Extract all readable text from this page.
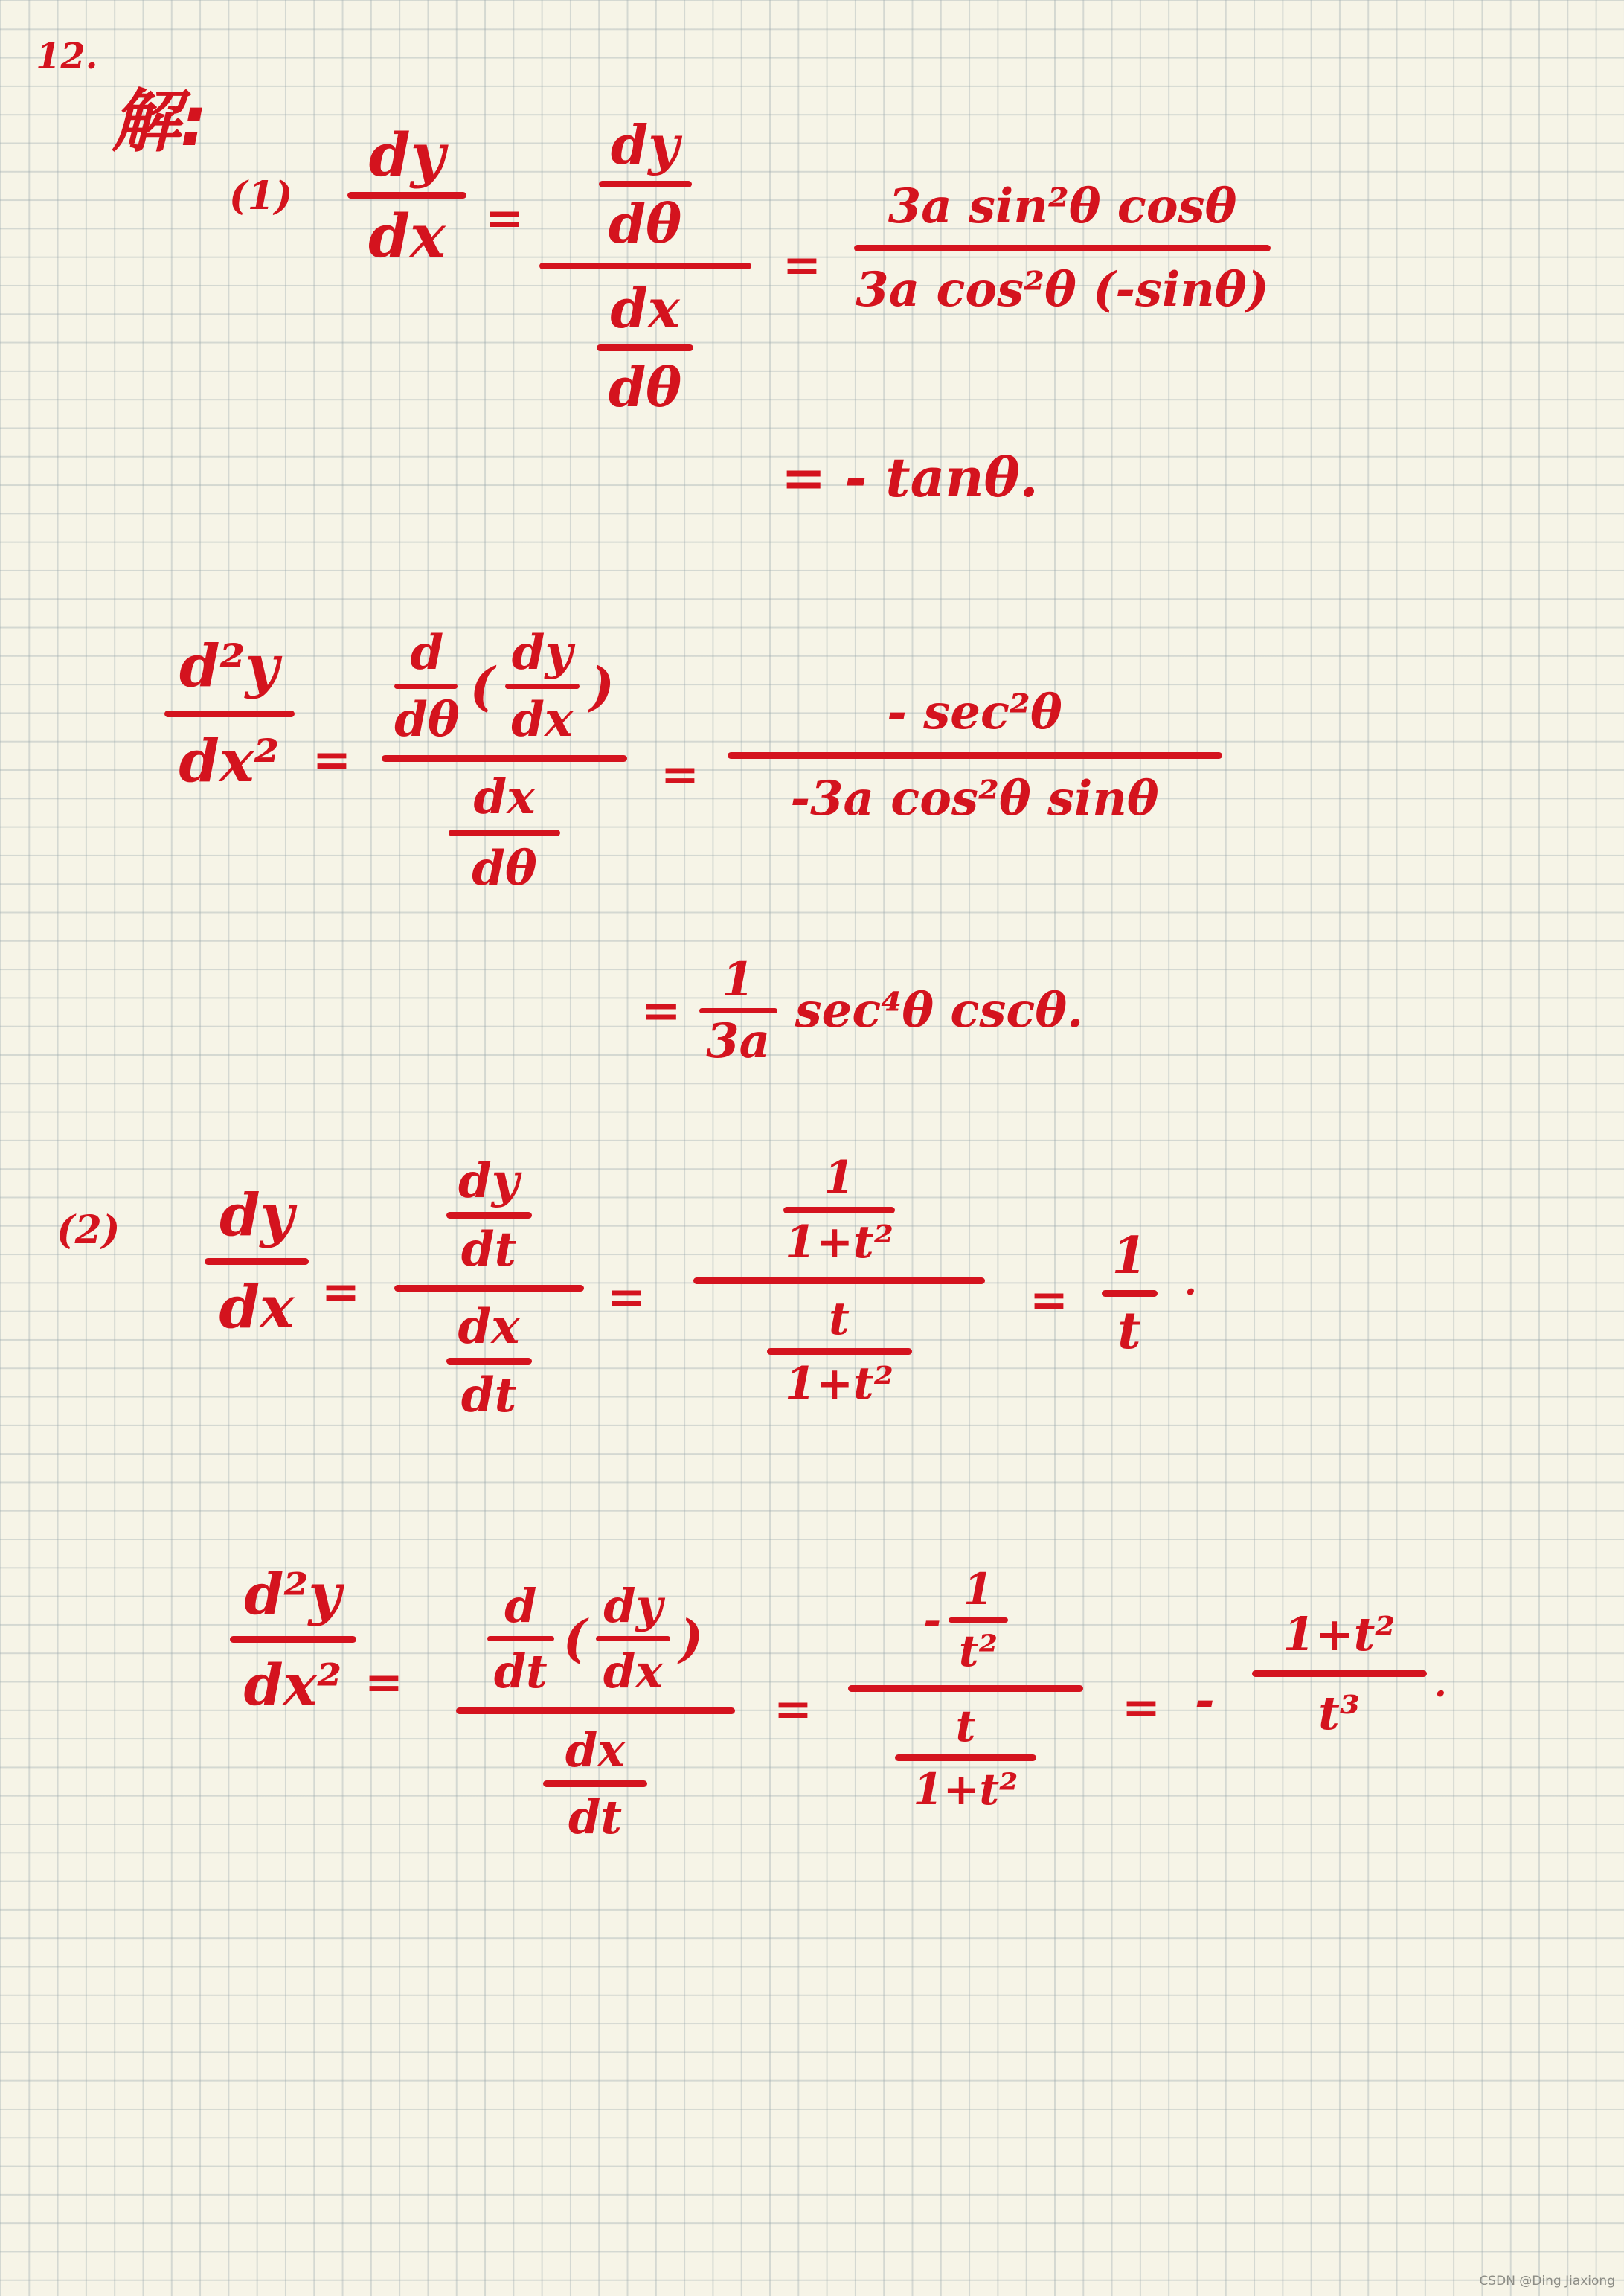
12.
解:
(1)
dy
dx =
dy
dθ
dx
dθ
=
3a sin²θ cosθ
3a cos²θ (-sinθ)
= - tanθ.
d²y
dx² =
d
dθ
(
dy
dx
)
dx
dθ
=
- sec²θ
-3a cos²θ sinθ
=
1
3a
sec⁴θ cscθ.
(2) dy
dx =
dy
dt
dx
dt
=
1
1+t²
t
1+t²
=
1
t
.
d²y
dx² =
d
dt
(
dy
dx
)
dx
dt
=
-
1
t²
t
1+t²
= -
1+t²
t³
.
CSDN @Ding Jiaxiong
